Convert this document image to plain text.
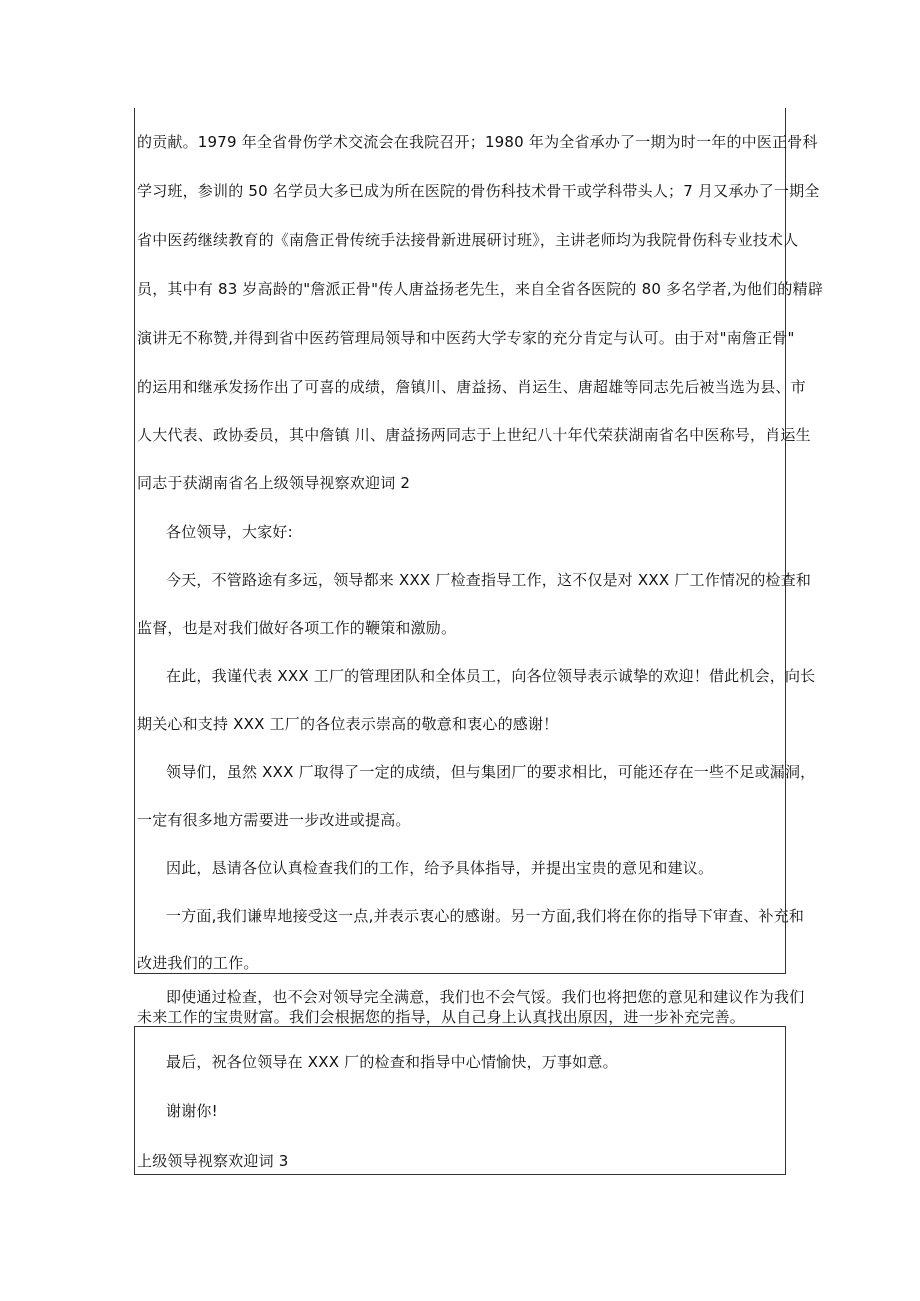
的贡献。1979 年全省骨伤学术交流会在我院召开；1980 年为全省承办了一期为时一年的中医正骨科
学习班，参训的 50 名学员大多已成为所在医院的骨伤科技术骨干或学科带头人；7 月又承办了一期全
省中医药继续教育的《南詹正骨传统手法接骨新进展研讨班》，主讲老师均为我院骨伤科专业技术人
员，其中有 83 岁高龄的"詹派正骨"传人唐益扬老先生，来自全省各医院的 80 多名学者,为他们的精辟
演讲无不称赞,并得到省中医药管理局领导和中医药大学专家的充分肯定与认可。由于对"南詹正骨"
的运用和继承发扬作出了可喜的成绩，詹镇川、唐益扬、肖运生、唐超雄等同志先后被当选为县、市
人大代表、政协委员，其中詹镇 川、唐益扬两同志于上世纪八十年代荣获湖南省名中医称号，肖运生
同志于获湖南省名上级领导视察欢迎词 2
各位领导，大家好:
今天，不管路途有多远，领导都来 XXX 厂检查指导工作，这不仅是对 XXX 厂工作情况的检查和
监督，也是对我们做好各项工作的鞭策和激励。
在此，我谨代表 XXX 工厂的管理团队和全体员工，向各位领导表示诚挚的欢迎！借此机会，向长
期关心和支持 XXX 工厂的各位表示崇高的敬意和衷心的感谢！
领导们，虽然 XXX 厂取得了一定的成绩，但与集团厂的要求相比，可能还存在一些不足或漏洞，
一定有很多地方需要进一步改进或提高。
因此，恳请各位认真检查我们的工作，给予具体指导，并提出宝贵的意见和建议。
一方面,我们谦卑地接受这一点,并表示衷心的感谢。另一方面,我们将在你的指导下审查、补充和
改进我们的工作。
即使通过检查，也不会对领导完全满意，我们也不会气馁。我们也将把您的意见和建议作为我们
未来工作的宝贵财富。我们会根据您的指导，从自己身上认真找出原因，进一步补充完善。
最后，祝各位领导在 XXX 厂的检查和指导中心情愉快，万事如意。
谢谢你!
上级领导视察欢迎词 3
